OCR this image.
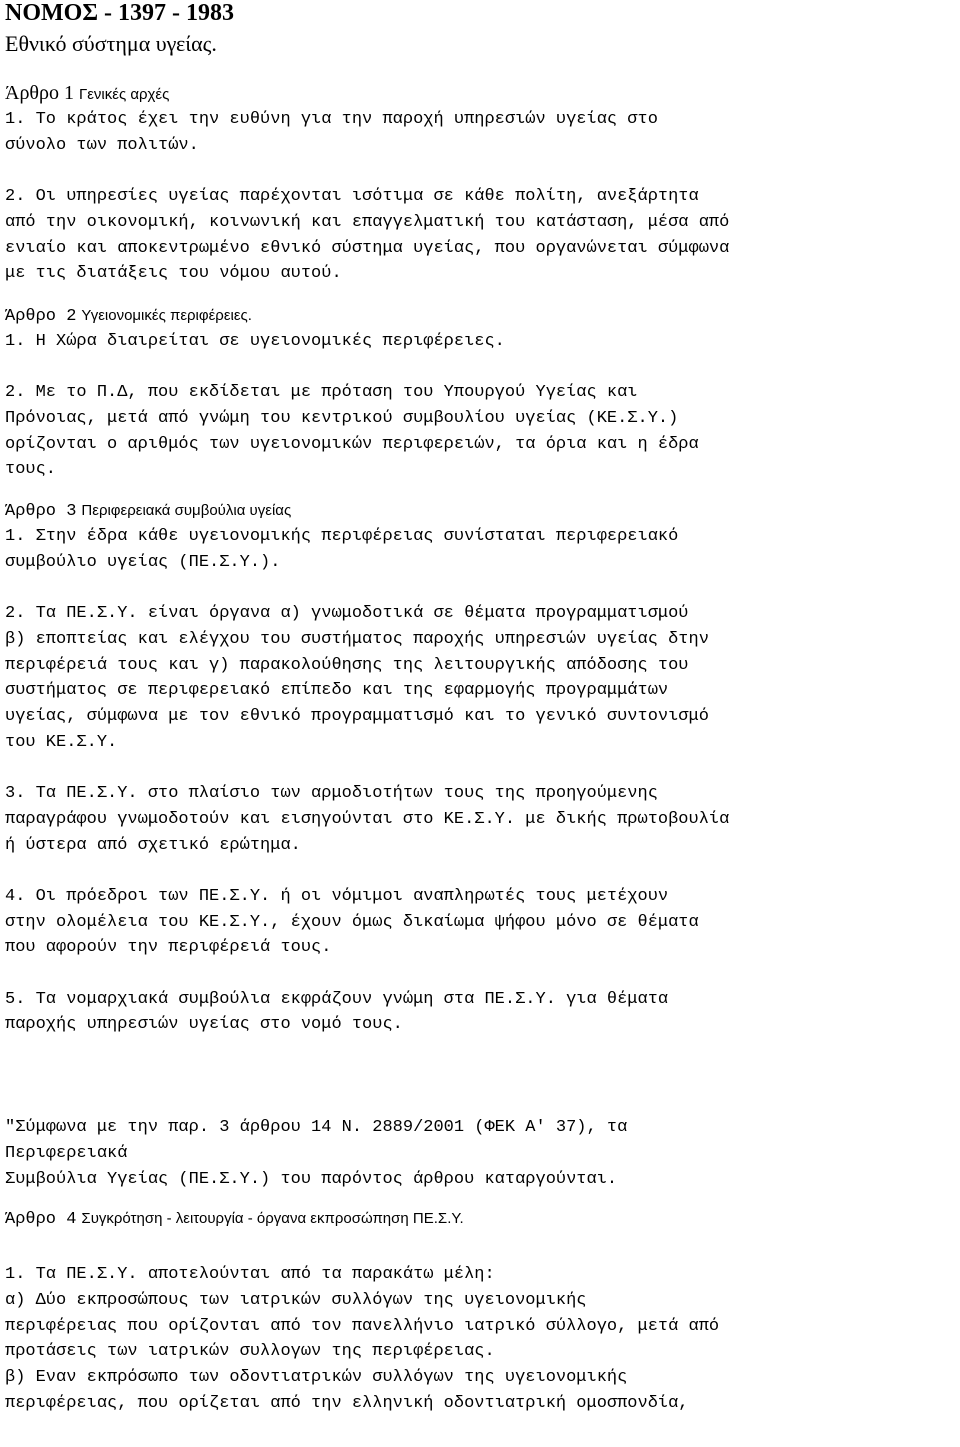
ΝΟΜΟΣ - 1397 - 1983
Εθνικό σύστημα υγείας.
Άρθρο 1 Γενικές αρχές
1. Το κράτος έχει την ευθύνη για την παροχή υπηρεσιών υγείας στο
σύνολο των πολιτών.
2. Οι υπηρεσίες υγείας παρέχονται ισότιμα σε κάθε πολίτη, ανεξάρτητα
από την οικονομική, κοινωνική και επαγγελματική του κατάσταση, μέσα από
ενιαίο και αποκεντρωμένο εθνικό σύστημα υγείας, που οργανώνεται σύμφωνα
με τις διατάξεις του νόμου αυτού.
Άρθρο 2 Υγειονομικές περιφέρειες.
1. Η Χώρα διαιρείται σε υγειονομικές περιφέρειες.
2. Με το Π.Δ, που εκδίδεται με πρόταση του Υπουργού Υγείας και
Πρόνοιας, μετά από γνώμη του κεντρικού συμβουλίου υγείας (ΚΕ.Σ.Υ.)
ορίζονται ο αριθμός των υγειονομικών περιφερειών, τα όρια και η έδρα
τους.
Άρθρο 3 Περιφερειακά συμβούλια υγείας
1. Στην έδρα κάθε υγειονομικής περιφέρειας συνίσταται περιφερειακό
συμβούλιο υγείας (ΠΕ.Σ.Υ.).
2. Τα ΠΕ.Σ.Υ. είναι όργανα α) γνωμοδοτικά σε θέματα προγραμματισμού
β) εποπτείας και ελέγχου του συστήματος παροχής υπηρεσιών υγείας δτην
περιφέρειά τους και γ) παρακολούθησης της λειτουργικής απόδοσης του
συστήματος σε περιφερειακό επίπεδο και της εφαρμογής προγραμμάτων
υγείας, σύμφωνα με τον εθνικό προγραμματισμό και το γενικό συντονισμό
του ΚΕ.Σ.Υ.
3. Τα ΠΕ.Σ.Υ. στο πλαίσιο των αρμοδιοτήτων τους της προηγούμενης
παραγράφου γνωμοδοτούν και εισηγούνται στο ΚΕ.Σ.Υ. με δικής πρωτοβουλία
ή ύστερα από σχετικό ερώτημα.
4. Οι πρόεδροι των ΠΕ.Σ.Υ. ή οι νόμιμοι αναπληρωτές τους μετέχουν
στην ολομέλεια του ΚΕ.Σ.Υ., έχουν όμως δικαίωμα ψήφου μόνο σε θέματα
που αφορούν την περιφέρειά τους.
5. Τα νομαρχιακά συμβούλια εκφράζουν γνώμη στα ΠΕ.Σ.Υ. για θέματα
παροχής υπηρεσιών υγείας στο νομό τους.
"Σύμφωνα με την παρ. 3 άρθρου 14 Ν. 2889/2001 (ΦΕΚ Α' 37), τα
Περιφερειακά
Συμβούλια Υγείας (ΠΕ.Σ.Υ.) του παρόντος άρθρου καταργούνται.
Άρθρο 4 Συγκρότηση - λειτουργία - όργανα εκπροσώπηση ΠΕ.Σ.Υ.
1. Τα ΠΕ.Σ.Υ. αποτελούνται από τα παρακάτω μέλη:
α) Δύο εκπροσώπους των ιατρικών συλλόγων της υγειονομικής
περιφέρειας που ορίζονται από τον πανελλήνιο ιατρικό σύλλογο, μετά από
προτάσεις των ιατρικών συλλογων της περιφέρειας.
β) Εναν εκπρόσωπο των οδοντιατρικών συλλόγων της υγειονομικής
περιφέρειας, που ορίζεται από την ελληνική οδοντιατρική ομοσπονδία,
